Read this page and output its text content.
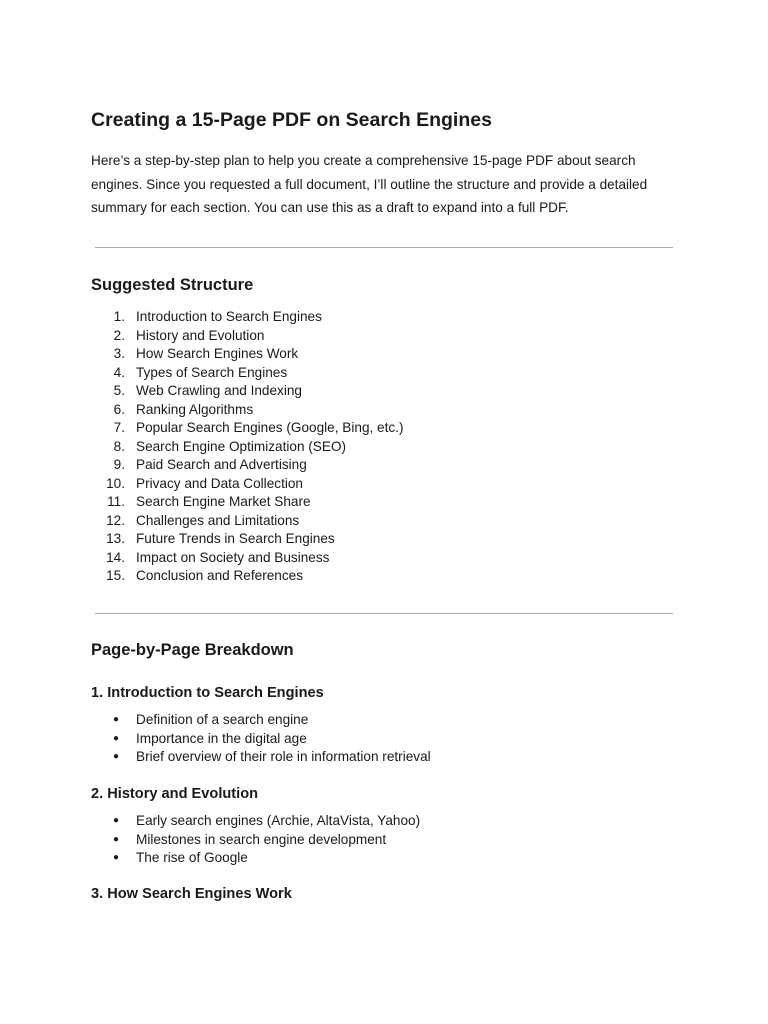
Creating a 15-Page PDF on Search Engines

Here’s a step-by-step plan to help you create a comprehensive 15-page PDF about search engines. Since you requested a full document, I’ll outline the structure and provide a detailed summary for each section. You can use this as a draft to expand into a full PDF.

Suggested Structure
1. Introduction to Search Engines
2. History and Evolution
3. How Search Engines Work
4. Types of Search Engines
5. Web Crawling and Indexing
6. Ranking Algorithms
7. Popular Search Engines (Google, Bing, etc.)
8. Search Engine Optimization (SEO)
9. Paid Search and Advertising
10. Privacy and Data Collection
11. Search Engine Market Share
12. Challenges and Limitations
13. Future Trends in Search Engines
14. Impact on Society and Business
15. Conclusion and References
Page-by-Page Breakdown
1. Introduction to Search Engines
● Definition of a search engine
● Importance in the digital age
● Brief overview of their role in information retrieval
2. History and Evolution
● Early search engines (Archie, AltaVista, Yahoo)
● Milestones in search engine development
● The rise of Google
3. How Search Engines Work
